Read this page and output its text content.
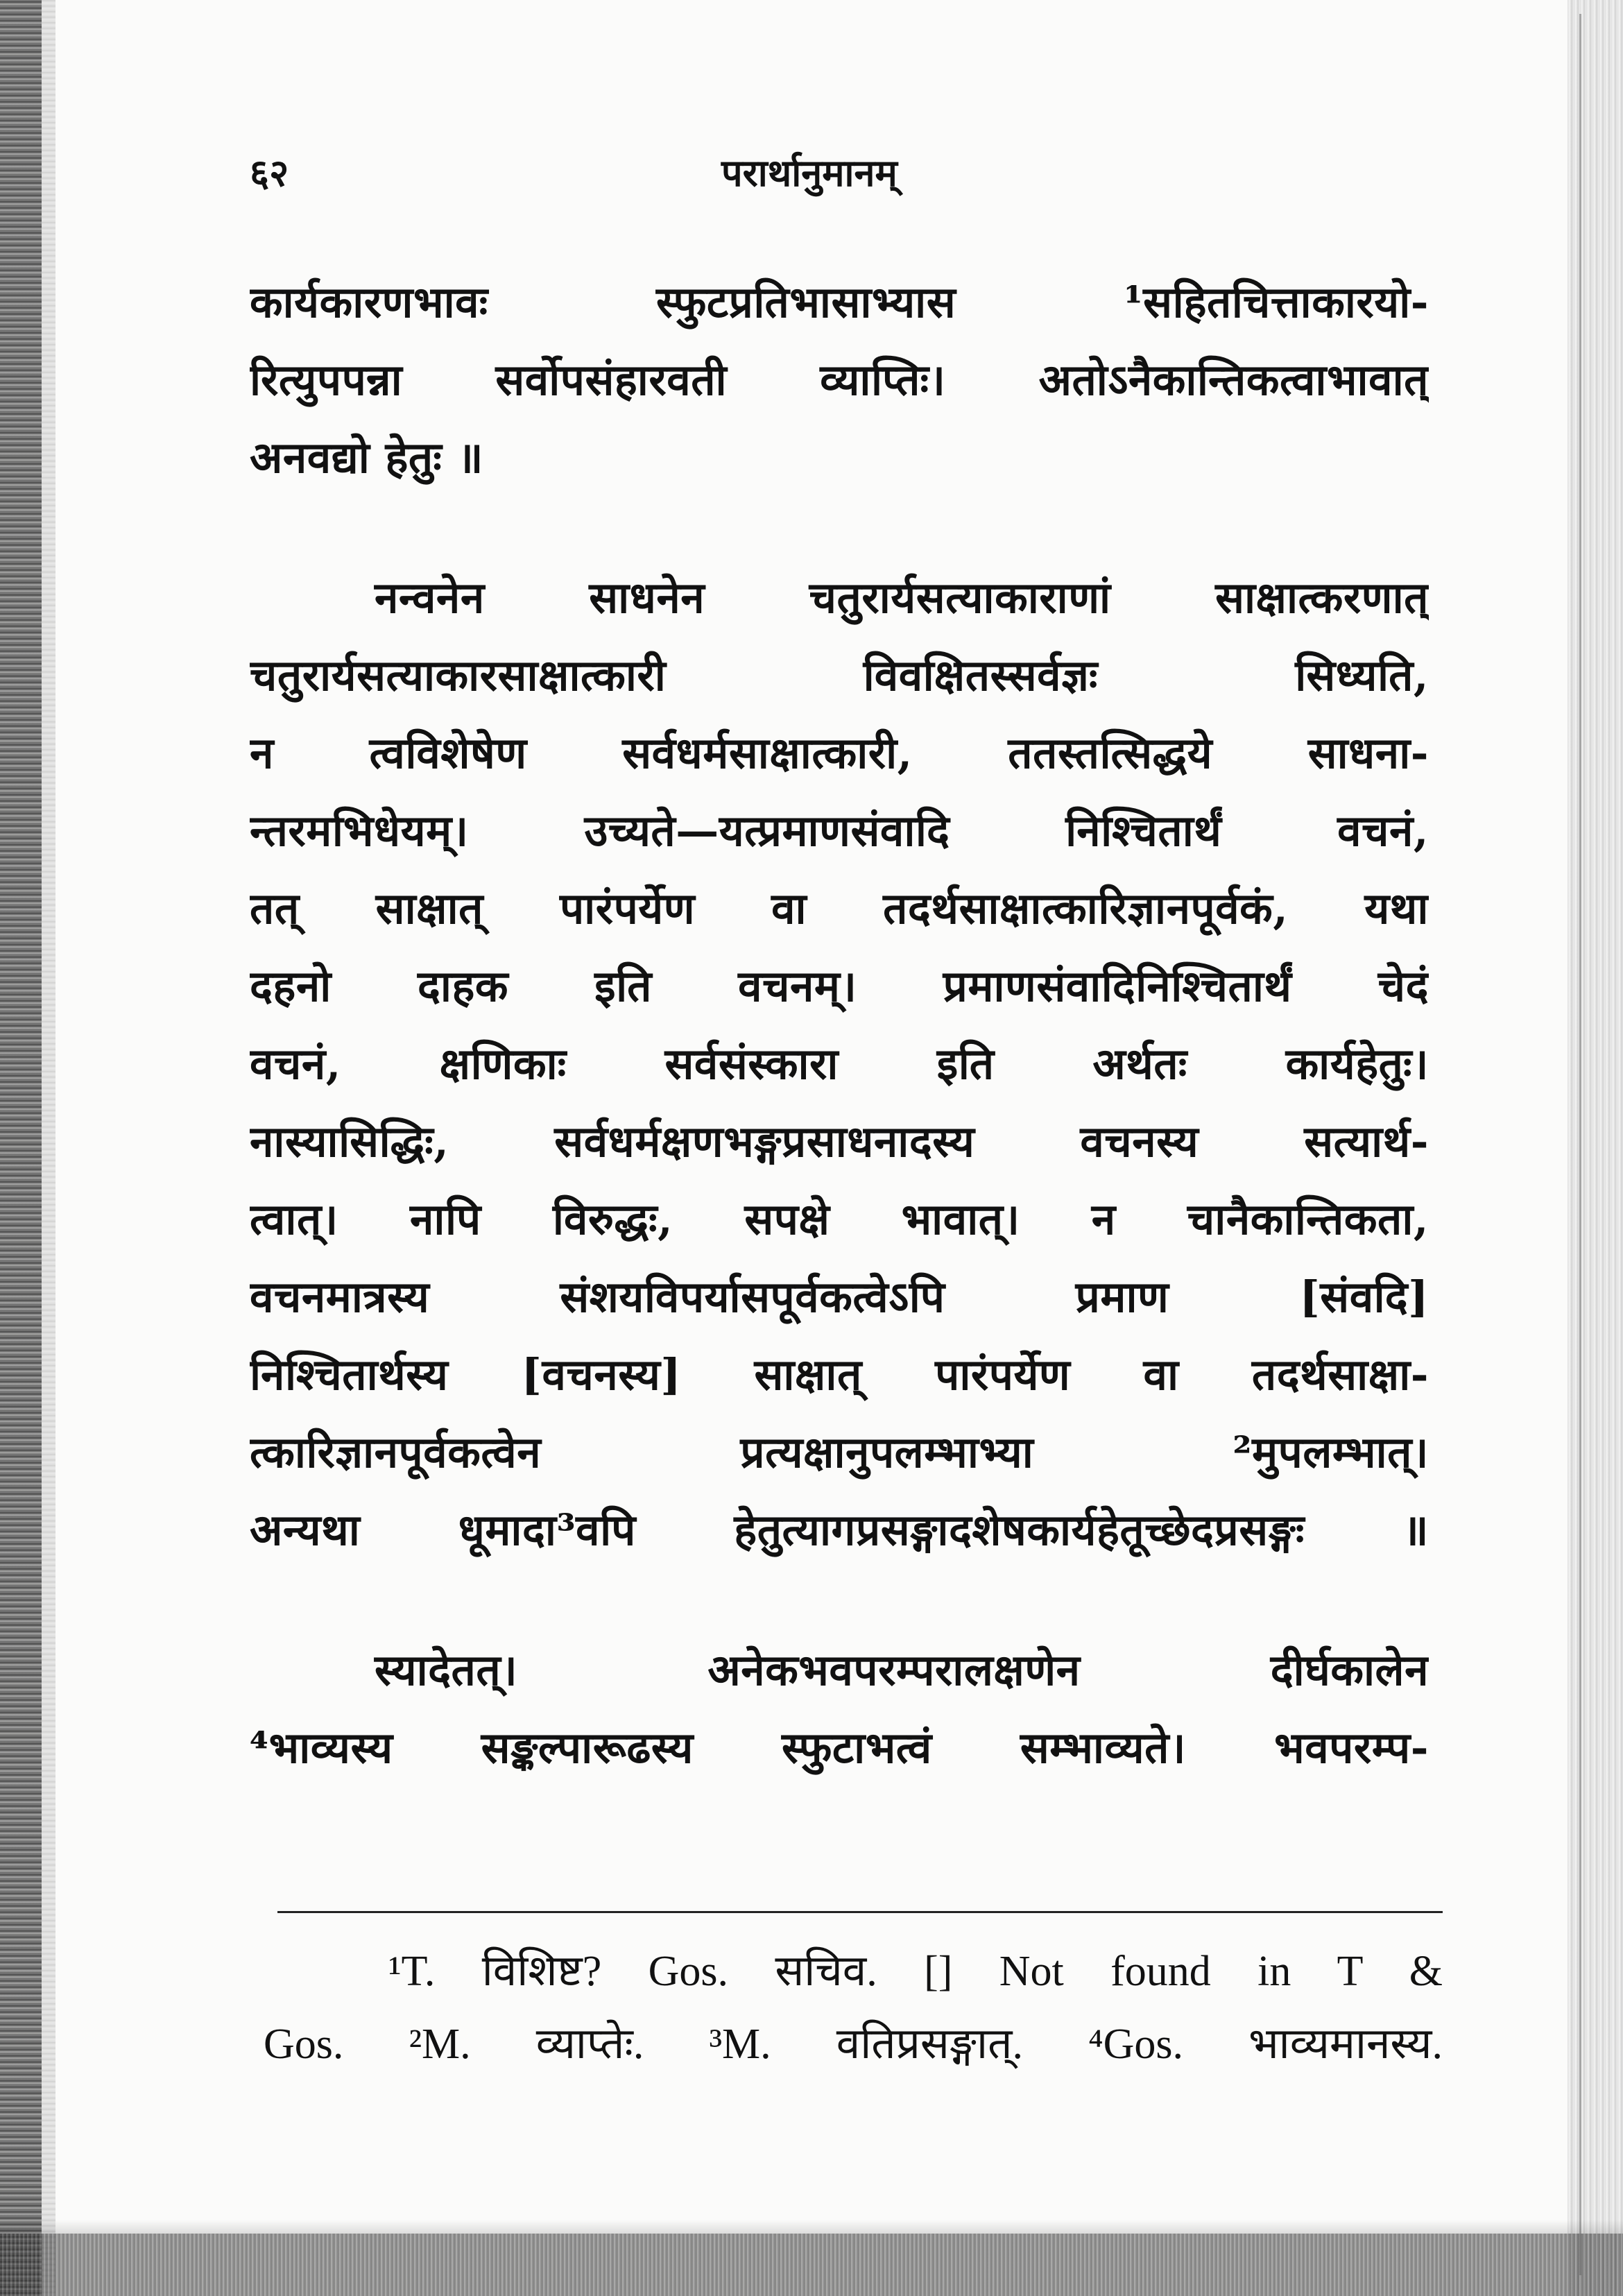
६२	परार्थानुमानम्
कार्यकारणभावः स्फुटप्रतिभासाभ्यास ¹सहितचित्ताकारयो-
रित्युपपन्ना सर्वोपसंहारवती व्याप्तिः। अतोऽनैकान्तिकत्वाभावात्
अनवद्यो हेतुः ॥
नन्वनेन साधनेन चतुरार्यसत्याकाराणां साक्षात्करणात्
चतुरार्यसत्याकारसाक्षात्कारी विवक्षितस्सर्वज्ञः सिध्यति,
न त्वविशेषेण सर्वधर्मसाक्षात्कारी, ततस्तत्सिद्धये साधना-
न्तरमभिधेयम्। उच्यते—यत्प्रमाणसंवादि निश्चितार्थं वचनं,
तत् साक्षात् पारंपर्येण वा तदर्थसाक्षात्कारिज्ञानपूर्वकं, यथा
दहनो दाहक इति वचनम्। प्रमाणसंवादिनिश्चितार्थं चेदं
वचनं, क्षणिकाः सर्वसंस्कारा इति अर्थतः कार्यहेतुः।
नास्यासिद्धिः, सर्वधर्मक्षणभङ्गप्रसाधनादस्य वचनस्य सत्यार्थ-
त्वात्। नापि विरुद्धः, सपक्षे भावात्। न चानैकान्तिकता,
वचनमात्रस्य संशयविपर्यासपूर्वकत्वेऽपि प्रमाण [संवदि]
निश्चितार्थस्य [वचनस्य] साक्षात् पारंपर्येण वा तदर्थसाक्षा-
त्कारिज्ञानपूर्वकत्वेन प्रत्यक्षानुपलम्भाभ्या ²मुपलम्भात्।
अन्यथा धूमादा³वपि हेतुत्यागप्रसङ्गादशेषकार्यहेतूच्छेदप्रसङ्गः ॥
स्यादेतत्। अनेकभवपरम्परालक्षणेन दीर्घकालेन
⁴भाव्यस्य सङ्कल्पारूढस्य स्फुटाभत्वं सम्भाव्यते। भवपरम्प-
¹T. विशिष्ट? Gos. सचिव. [] Not found in T &
Gos. ²M. व्याप्तेः. ³M. वतिप्रसङ्गात्. ⁴Gos. भाव्यमानस्य.
